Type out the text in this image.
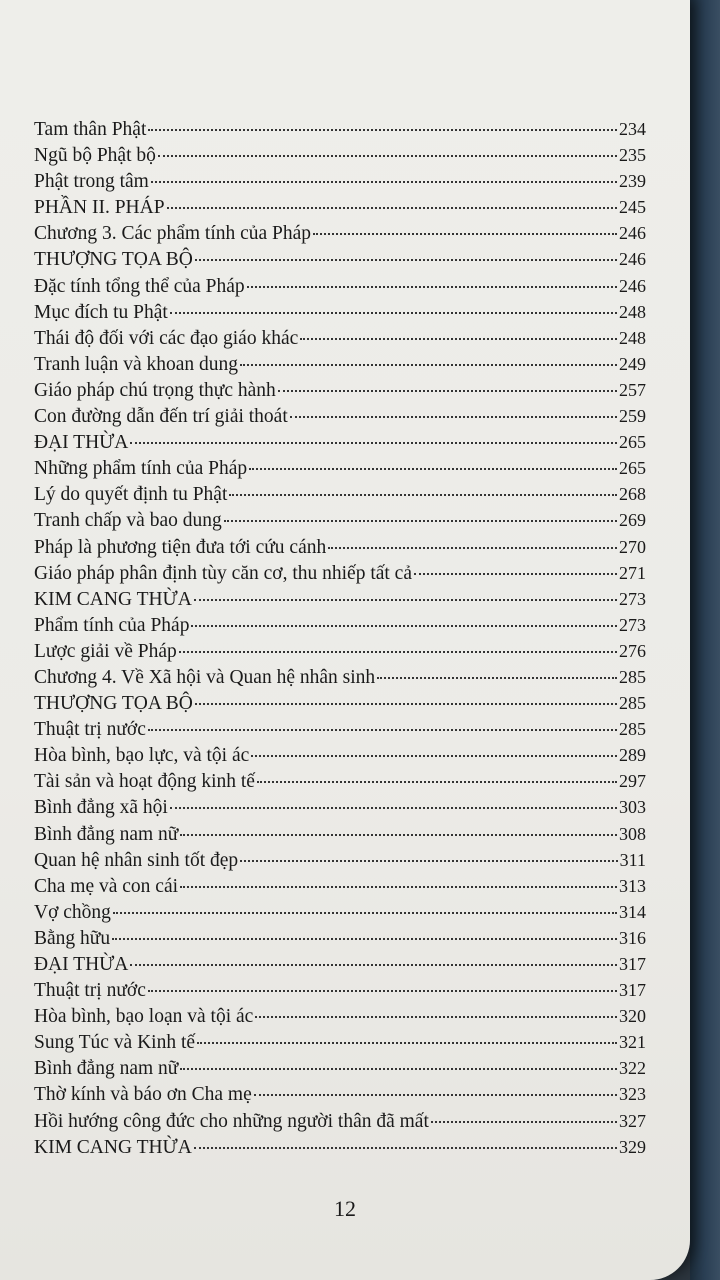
Tam thân Phật	234
Ngũ bộ Phật bộ	235
Phật trong tâm	239
PHẦN II. PHÁP	245
Chương 3. Các phẩm tính của Pháp	246
THƯỢNG TỌA BỘ	246
Đặc tính tổng thể của Pháp	246
Mục đích tu Phật	248
Thái độ đối với các đạo giáo khác	248
Tranh luận và khoan dung	249
Giáo pháp chú trọng thực hành	257
Con đường dẫn đến trí giải thoát	259
ĐẠI THỪA	265
Những phẩm tính của Pháp	265
Lý do quyết định tu Phật	268
Tranh chấp và bao dung	269
Pháp là phương tiện đưa tới cứu cánh	270
Giáo pháp phân định tùy căn cơ, thu nhiếp tất cả	271
KIM CANG THỪA	273
Phẩm tính của Pháp	273
Lược giải về Pháp	276
Chương 4. Về Xã hội và Quan hệ nhân sinh	285
THƯỢNG TỌA BỘ	285
Thuật trị nước	285
Hòa bình, bạo lực, và tội ác	289
Tài sản và hoạt động kinh tế	297
Bình đẳng xã hội	303
Bình đẳng nam nữ	308
Quan hệ nhân sinh tốt đẹp	311
Cha mẹ và con cái	313
Vợ chồng	314
Bằng hữu	316
ĐẠI THỪA	317
Thuật trị nước	317
Hòa bình, bạo loạn và tội ác	320
Sung Túc và Kinh tế	321
Bình đẳng nam nữ	322
Thờ kính và báo ơn Cha mẹ	323
Hồi hướng công đức cho những người thân đã mất	327
KIM CANG THỪA	329
12
